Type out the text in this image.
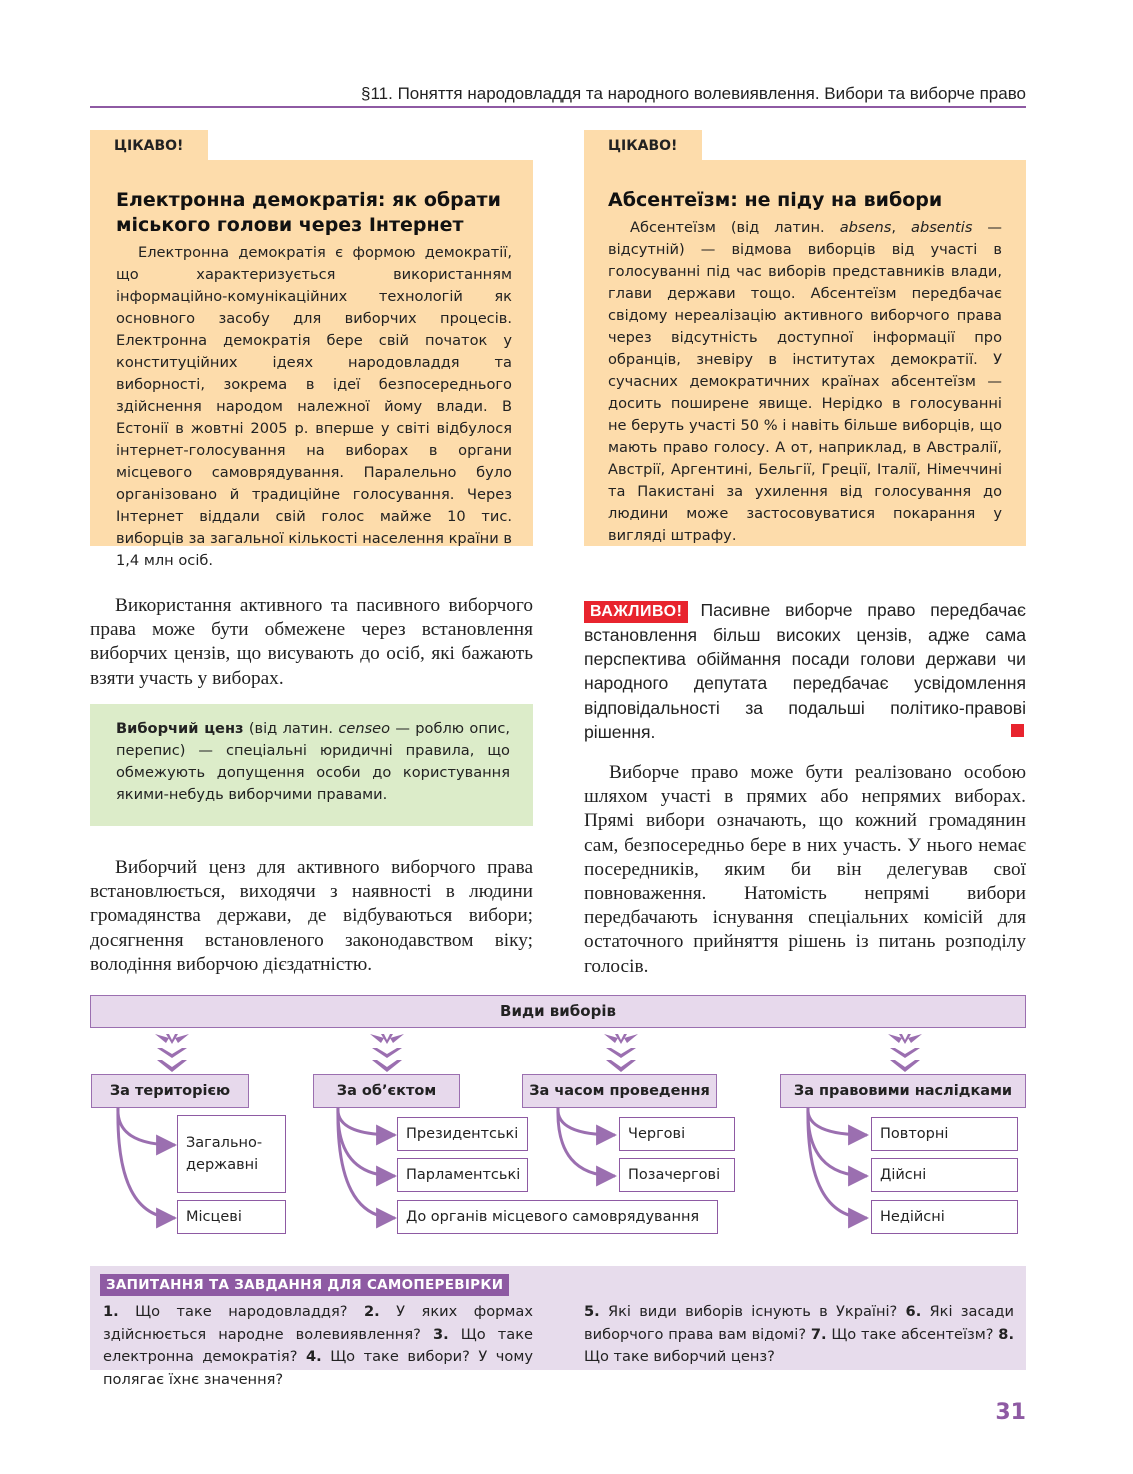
§11. Поняття народовладдя та народного волевиявлення. Вибори та виборче право
ЦІКАВО!

Електронна демократія: як обрати
міського голови через Інтернет

Електронна демократія є формою демократії, що характеризується використанням інформаційно-комунікаційних технологій як основного засобу для виборчих процесів. Електронна демократія бере свій початок у конституційних ідеях народовладдя та виборності, зокрема в ідеї безпосереднього здійснення народом належної йому влади. В Естонії в жовтні 2005 р. вперше у світі відбулося інтернет-голосування на виборах в органи місцевого самоврядування. Паралельно було організовано й традиційне голосування. Через Інтернет віддали свій голос майже 10 тис. виборців за загальної кількості населення країни в 1,4 млн осіб.

ЦІКАВО!

Абсентеїзм: не піду на вибори

Абсентеїзм (від латин. absens, absentis — відсутній) — відмова виборців від участі в голосуванні під час виборів представників влади, глави держави тощо. Абсентеїзм передбачає свідому нереалізацію активного виборчого права через відсутність доступної інформації про обранців, зневіру в інститутах демократії. У сучасних демократичних країнах абсентеїзм — досить поширене явище. Нерідко в голосуванні не беруть участі 50 % і навіть більше виборців, що мають право голосу. А от, наприклад, в Австралії, Австрії, Аргентині, Бельгії, Греції, Італії, Німеччині та Пакистані за ухилення від голосування до людини може застосовуватися покарання у вигляді штрафу.

Використання активного та пасивного виборчого права може бути обмежене через встановлення виборчих цензів, що висувають до осіб, які бажають взяти участь у виборах.

Виборчий ценз (від латин. censeo — роблю опис, перепис) — спеціальні юридичні правила, що обмежують допущення особи до користування якими-небудь виборчими правами.

Виборчий ценз для активного виборчого права встановлюється, виходячи з наявності в людини громадянства держави, де відбуваються вибори; досягнення встановленого законодавством віку; володіння виборчою дієздатністю.

ВАЖЛИВО! Пасивне виборче право передбачає встановлення більш високих цензів, адже сама перспектива обіймання посади голови держави чи народного депутата передбачає усвідомлення відповідальності за подальші політико-правові рішення.

Виборче право може бути реалізовано особою шляхом участі в прямих або непрямих виборах. Прямі вибори означають, що кожний громадянин сам, безпосередньо бере в них участь. У нього немає посередників, яким би він делегував свої повноваження. Натомість непрямі вибори передбачають існування спеціальних комісій для остаточного прийняття рішень із питань розподілу голосів.

Види виборів
За територією	За об’єктом	За часом проведення	За правовими наслідками
Загально-
державні
Місцеві
Президентські
Парламентські
До органів місцевого самоврядування
Чергові
Позачергові
Повторні
Дійсні
Недійсні
ЗАПИТАННЯ ТА ЗАВДАННЯ ДЛЯ САМОПЕРЕВІРКИ

1. Що таке народовладдя? 2. У яких формах здійснюється народне волевиявлення? 3. Що таке електронна демократія? 4. Що таке вибори? У чому полягає їхнє значення?

5. Які види виборів існують в Україні? 6. Які засади виборчого права вам відомі? 7. Що таке абсентеїзм? 8. Що таке виборчий ценз?

31
